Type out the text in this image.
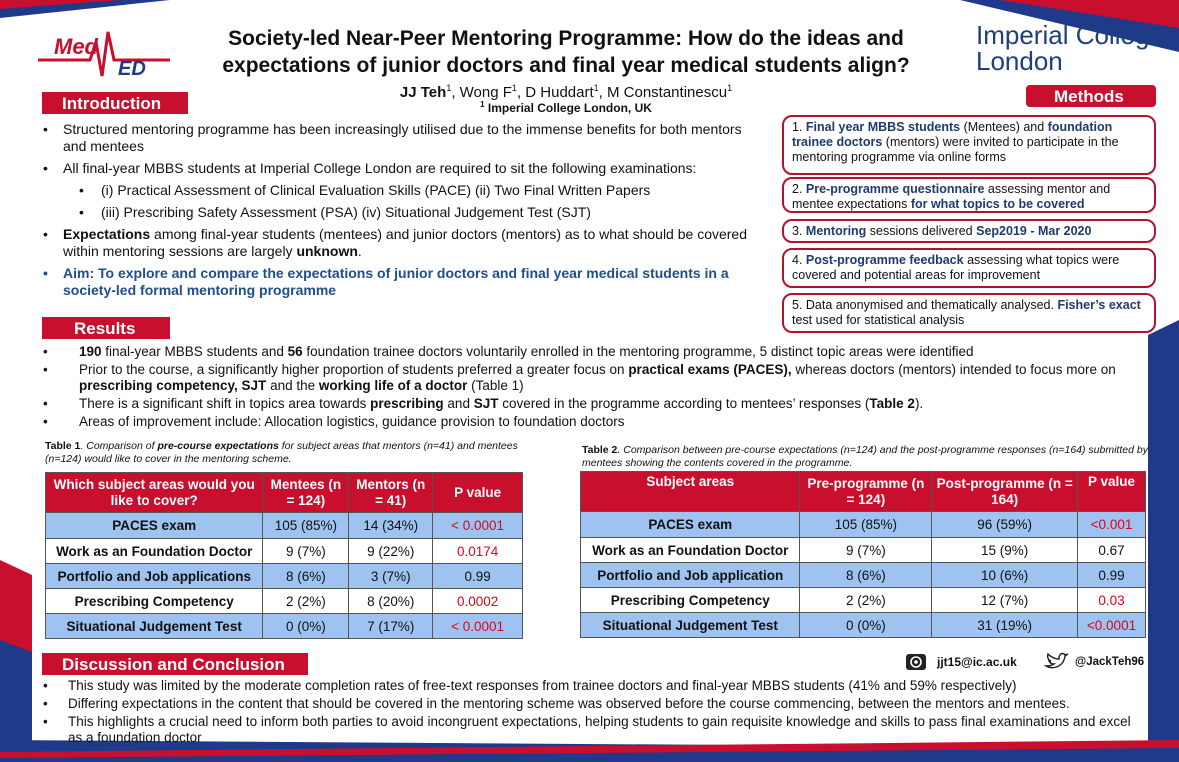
Med
ED
Society-led Near-Peer Mentoring Programme: How do the ideas and
expectations of junior doctors and final year medical students align?
JJ Teh$^1$, Wong $F^1$, D Huddart$^1$, M Constantinescu$^1$
$^1$ Imperial College London, UK
Imperial College
London
Introduction
• Structured mentoring programme has been increasingly utilised due to the immense benefits for both mentors and mentees
• All final-year MBBS students at Imperial College London are required to sit the following examinations:
• (i) Practical Assessment of Clinical Evaluation Skills (PACE) (ii) Two Final Written Papers
• (iii) Prescribing Safety Assessment (PSA) (iv) Situational Judgement Test (SJT)
• Expectations among final-year students (mentees) and junior doctors (mentors) as to what should be covered within mentoring sessions are largely unknown.
• Aim: To explore and compare the expectations of junior doctors and final year medical students in a society-led formal mentoring programme
Methods
1. Final year MBBS students (Mentees) and foundation trainee doctors (mentors) were invited to participate in the mentoring programme via online forms
2. Pre-programme questionnaire assessing mentor and mentee expectations for what topics to be covered
3. Mentoring sessions delivered Sep2019 - Mar 2020
4. Post-programme feedback assessing what topics were covered and potential areas for improvement
5. Data anonymised and thematically analysed. Fisher’s exact test used for statistical analysis
Results
• 190 final-year MBBS students and 56 foundation trainee doctors voluntarily enrolled in the mentoring programme, 5 distinct topic areas were identified
• Prior to the course, a significantly higher proportion of students preferred a greater focus on practical exams (PACES), whereas doctors (mentors) intended to focus more on prescribing competency, SJT and the working life of a doctor (Table 1)
• There is a significant shift in topics area towards prescribing and SJT covered in the programme according to mentees’ responses (Table 2).
• Areas of improvement include: Allocation logistics, guidance provision to foundation doctors
Table 1. Comparison of pre-course expectations for subject areas that mentors (n=41) and mentees (n=124) would like to cover in the mentoring scheme.
Which subject areas would you like to cover?	Mentees (n = 124)	Mentors (n = 41)	P value
PACES exam	105 (85%)	14 (34%)	< 0.0001
Work as an Foundation Doctor	9 (7%)	9 (22%)	0.0174
Portfolio and Job applications	8 (6%)	3 (7%)	0.99
Prescribing Competency	2 (2%)	8 (20%)	0.0002
Situational Judgement Test	0 (0%)	7 (17%)	< 0.0001
Table 2. Comparison between pre-course expectations (n=124) and the post-programme responses (n=164) submitted by mentees showing the contents covered in the programme.
Subject areas	Pre-programme (n = 124)	Post-programme (n = 164)	P value
PACES exam	105 (85%)	96 (59%)	<0.001
Work as an Foundation Doctor	9 (7%)	15 (9%)	0.67
Portfolio and Job application	8 (6%)	10 (6%)	0.99
Prescribing Competency	2 (2%)	12 (7%)	0.03
Situational Judgement Test	0 (0%)	31 (19%)	<0.0001
Discussion and Conclusion	jjt15@ic.ac.uk	@JackTeh96
• This study was limited by the moderate completion rates of free-text responses from trainee doctors and final-year MBBS students (41% and 59% respectively)
• Differing expectations in the content that should be covered in the mentoring scheme was observed before the course commencing, between the mentors and mentees.
• This highlights a crucial need to inform both parties to avoid incongruent expectations, helping students to gain requisite knowledge and skills to pass final examinations and excel as a foundation doctor
